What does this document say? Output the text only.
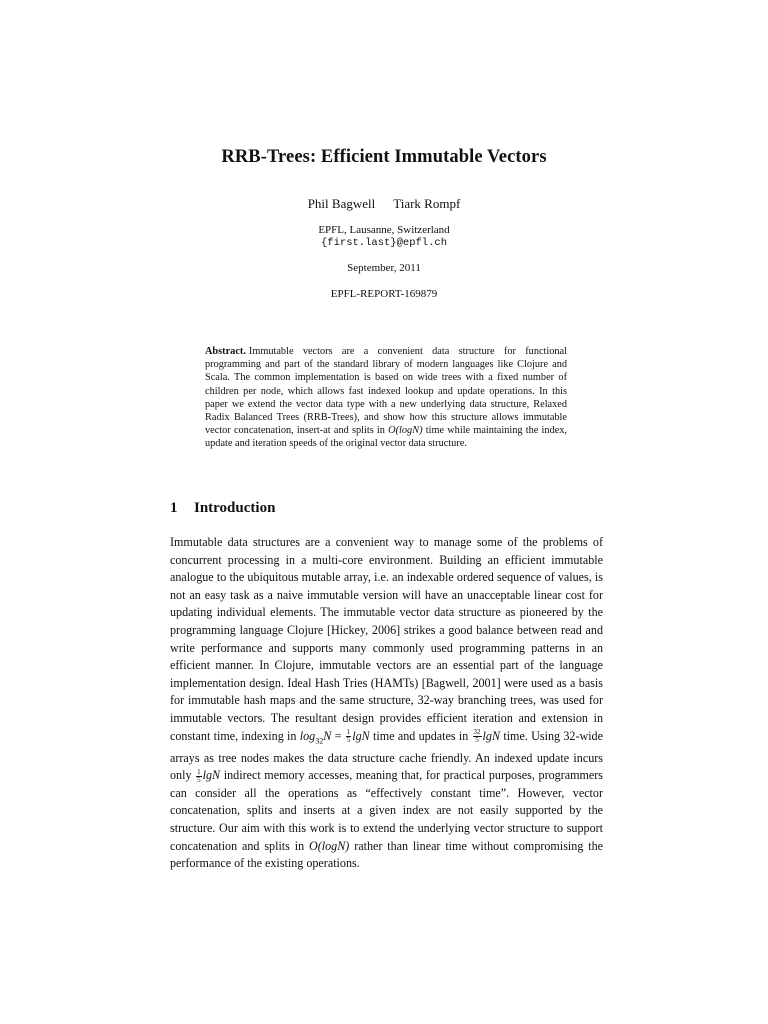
RRB-Trees: Efficient Immutable Vectors
Phil Bagwell Tiark Rompf
EPFL, Lausanne, Switzerland
{first.last}@epfl.ch
September, 2011
EPFL-REPORT-169879
Abstract. Immutable vectors are a convenient data structure for functional programming and part of the standard library of modern languages like Clojure and Scala. The common implementation is based on wide trees with a fixed number of children per node, which allows fast indexed lookup and update operations. In this paper we extend the vector data type with a new underlying data structure, Relaxed Radix Balanced Trees (RRB-Trees), and show how this structure allows immutable vector concatenation, insert-at and splits in O(logN) time while maintaining the index, update and iteration speeds of the original vector data structure.
1 Introduction
Immutable data structures are a convenient way to manage some of the problems of concurrent processing in a multi-core environment. Building an efficient immutable analogue to the ubiquitous mutable array, i.e. an indexable ordered sequence of values, is not an easy task as a naive immutable version will have an unacceptable linear cost for updating individual elements. The immutable vector data structure as pioneered by the programming language Clojure [Hickey, 2006] strikes a good balance between read and write performance and supports many commonly used programming patterns in an efficient manner. In Clojure, immutable vectors are an essential part of the language implementation design. Ideal Hash Tries (HAMTs) [Bagwell, 2001] were used as a basis for immutable hash maps and the same structure, 32-way branching trees, was used for immutable vectors. The resultant design provides efficient iteration and extension in constant time, indexing in $\log_{32}N = \frac{1}{5}$ lgN time and updates in $\frac{32}{5}$ lgN time. Using 32-wide arrays as tree nodes makes the data structure cache friendly. An indexed update incurs only $\frac{1}{5}$ lgN indirect memory accesses, meaning that, for practical purposes, programmers can consider all the operations as “effectively constant time”. However, vector concatenation, splits and inserts at a given index are not easily supported by the structure. Our aim with this work is to extend the underlying vector structure to support concatenation and splits in O(logN) rather than linear time without compromising the performance of the existing operations.
